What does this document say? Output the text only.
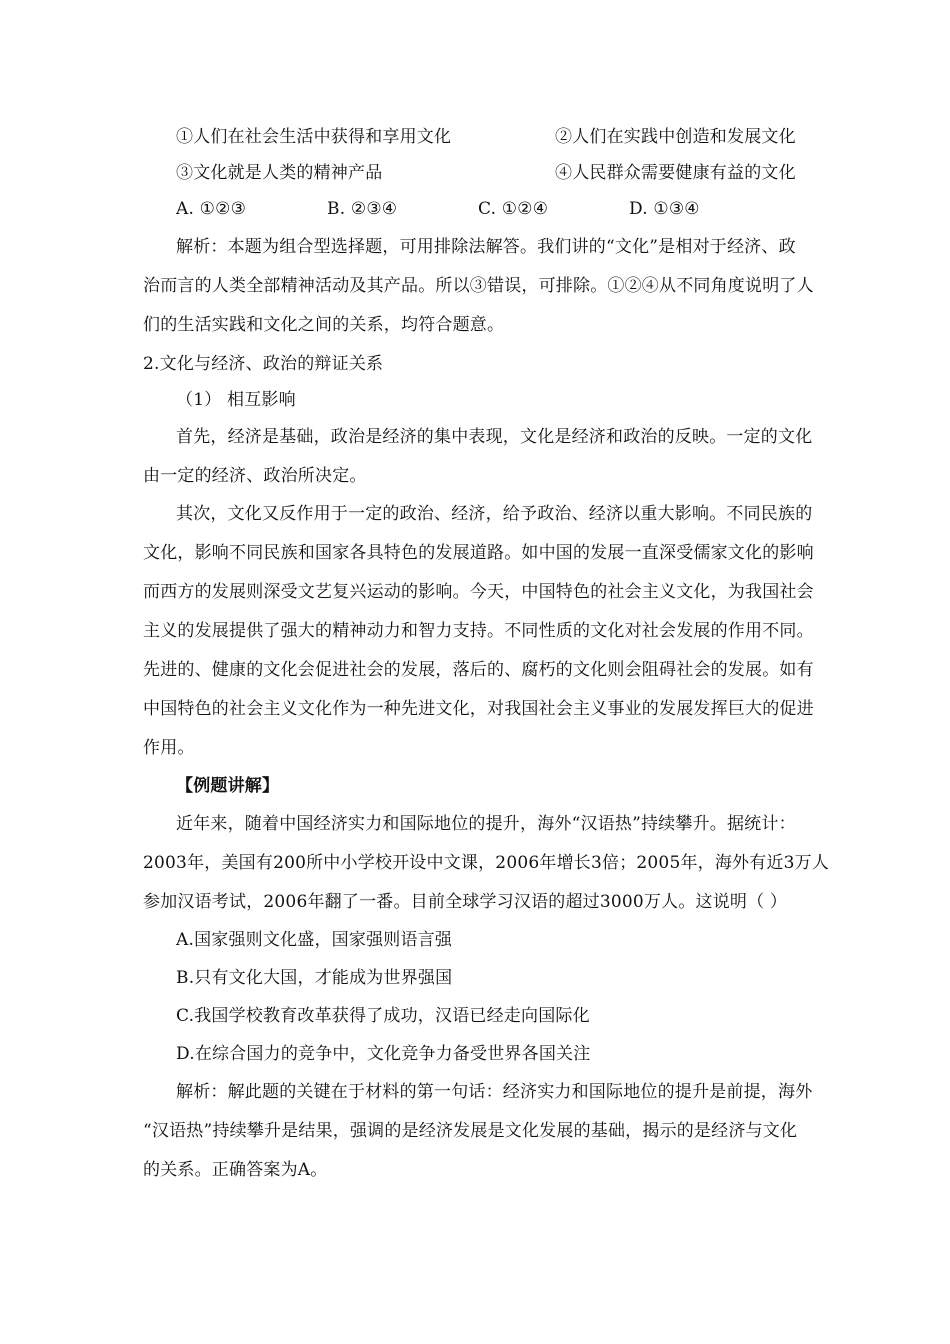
①人们在社会生活中获得和享用文化	②人们在实践中创造和发展文化
③文化就是人类的精神产品	④人民群众需要健康有益的文化
A. ①②③	B. ②③④	C. ①②④	D. ①③④
解析：本题为组合型选择题，可用排除法解答。我们讲的“文化”是相对于经济、政
治而言的人类全部精神活动及其产品。所以③错误，可排除。①②④从不同角度说明了人
们的生活实践和文化之间的关系，均符合题意。
2.文化与经济、政治的辩证关系
（1） 相互影响
首先，经济是基础，政治是经济的集中表现，文化是经济和政治的反映。一定的文化
由一定的经济、政治所决定。
其次，文化又反作用于一定的政治、经济，给予政治、经济以重大影响。不同民族的
文化，影响不同民族和国家各具特色的发展道路。如中国的发展一直深受儒家文化的影响
而西方的发展则深受文艺复兴运动的影响。今天，中国特色的社会主义文化，为我国社会
主义的发展提供了强大的精神动力和智力支持。不同性质的文化对社会发展的作用不同。
先进的、健康的文化会促进社会的发展，落后的、腐朽的文化则会阻碍社会的发展。如有
中国特色的社会主义文化作为一种先进文化，对我国社会主义事业的发展发挥巨大的促进
作用。
【例题讲解】
近年来，随着中国经济实力和国际地位的提升，海外“汉语热”持续攀升。据统计：
2003年，美国有200所中小学校开设中文课，2006年增长3倍；2005年，海外有近3万人
参加汉语考试，2006年翻了一番。目前全球学习汉语的超过3000万人。这说明（ ）
A.国家强则文化盛，国家强则语言强
B.只有文化大国，才能成为世界强国
C.我国学校教育改革获得了成功，汉语已经走向国际化
D.在综合国力的竞争中，文化竞争力备受世界各国关注
解析：解此题的关键在于材料的第一句话：经济实力和国际地位的提升是前提，海外
“汉语热”持续攀升是结果，强调的是经济发展是文化发展的基础，揭示的是经济与文化
的关系。正确答案为A。
